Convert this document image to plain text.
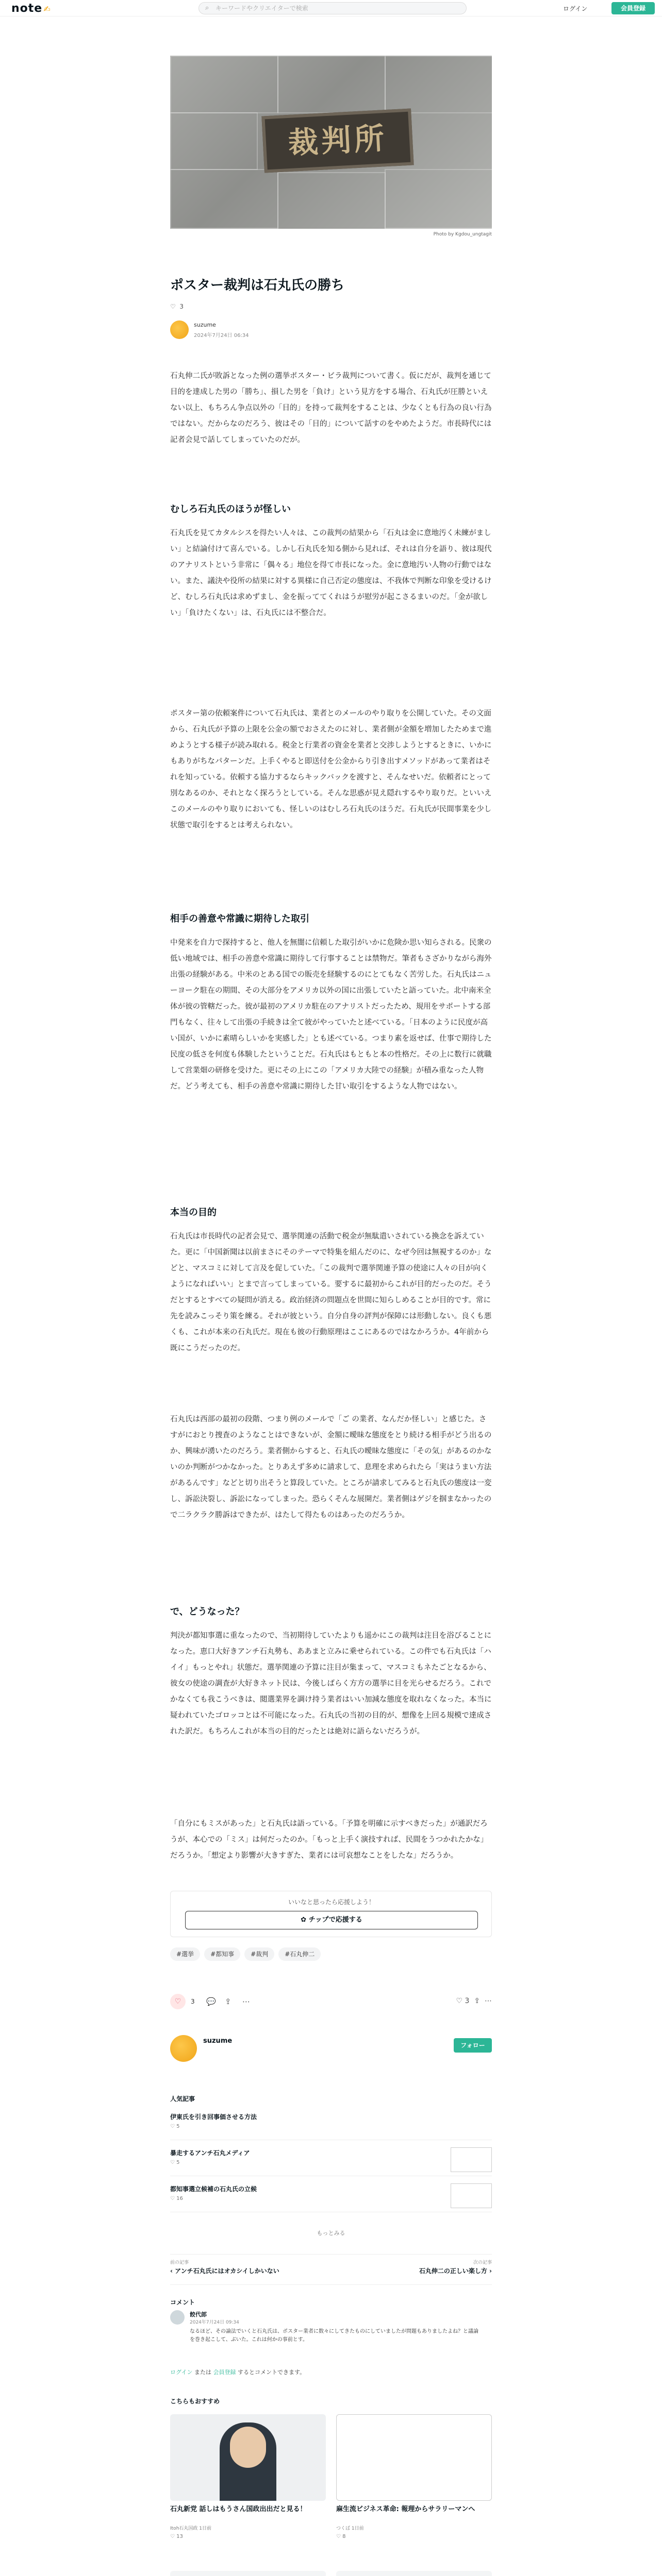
note ✍	⌕
キーワードやクリエイターで検索	ログイン	会員登録
裁判所
Photo by Kgdou_ungtagit
ポスター裁判は石丸氏の勝ち
♡ 3
suzume
2024年7月24日 06:34
石丸伸二氏が敗訴となった例の選挙ポスター・ビラ裁判について書く。仮にだが、裁判を通じて目的を達成した男の「勝ち」、損した男を「負け」という見方をする場合、石丸氏が圧勝といえない以上、もちろん争点以外の「目的」を持って裁判をすることは、少なくとも行為の良い行為ではない。だからなのだろう、彼はその「目的」について話すのをやめたようだ。市長時代には記者会見で話してしまっていたのだが。
むしろ石丸氏のほうが怪しい
石丸氏を見てカタルシスを得たい人々は、この裁判の結果から「石丸は金に意地汚く未練がましい」と結論付けて喜んでいる。しかし石丸氏を知る側から見れば、それは自分を語り、彼は現代のアナリストという非常に「偶々る」地位を得て市長になった。金に意地汚い人物の行動ではない。また、議決や役所の結果に対する異様に自己否定の態度は、不我体で判断な印象を受けるけど、むしろ石丸氏は求めずまし、金を振っててくれはうが慰労が起こさるまいのだ。「金が欲しい」「負けたくない」は、石丸氏には不整合だ。
ポスター第の依頼案件について石丸氏は、業者とのメールのやり取りを公開していた。その文面から、石丸氏が予算の上限を公金の額でおさえたのに対し、業者側が金額を増加したためまで進めようとする様子が読み取れる。税金と行業者の資金を業者と交渉しようとするときに、いかにもありがちなパターンだ。上手くやると即送付を公金からり引き出すメソッドがあって業者はそれを知っている。依頼する協力するならキックバックを渡すと、そんなせいだ。依頼者にとって別なあるのか、それとなく探ろうとしている。そんな思惑が見え隠れするやり取りだ。といいえこのメールのやり取りにおいても、怪しいのはむしろ石丸氏のほうだ。石丸氏が民間事業を少し状態で取引をするとは考えられない。
相手の善意や常識に期待した取引
中発来を自力で探持すると、他人を無闇に信頼した取引がいかに危険か思い知らされる。民衆の低い地域では、相手の善意や常識に期待して行事することは禁物だ。筆者もさざかりながら海外出張の経験がある。中米のとある国での販売を経験するのにとてもなく苦労した。石丸氏はニューヨーク駐在の期間、その大部分をアメリカ以外の国に出張していたと語っていた。北中南米全体が彼の管轄だった。彼が最初のアメリカ駐在のアナリストだったため、規用をサポートする部門もなく、往々して出張の手続きは全て彼がやっていたと述べている。「日本のように民度が高い国が、いかに素晴らしいかを実感した」とも述べている。つまり素を返せば、仕事で期待した民度の低さを何度も体験したということだ。石丸氏はもともと本の性格だ。その上に数行に就職して営業畑の研修を受けた。更にその上にこの「アメリカ大陸での経験」が積み重なった人物だ。どう考えても、相手の善意や常識に期待した甘い取引をするような人物ではない。
本当の目的
石丸氏は市長時代の記者会見で、選挙関連の活動で税金が無駄遣いされている換念を訴えていた。更に「中国新聞は以前まさにそのテーマで特集を組んだのに、なぜ今回は無視するのか」などと、マスコミに対して言及を促していた。「この裁判で選挙関連予算の使途に人々の目が向くようになればいい」とまで言ってしまっている。要するに最初からこれが目的だったのだ。そうだとするとすべての疑問が消える。政治経済の問題点を世間に知らしめることが目的です。常に先を読みこっそり策を練る。それが彼という。自分自身の評判が保障には形動しない。良くも悪くも、これが本来の石丸氏だ。現在も彼の行動原理はここにあるのではなかろうか。4年前から既にこうだったのだ。
石丸氏は西部の最初の段階、つまり例のメールで「ご の業者、なんだか怪しい」と感じた。さすがにおとり捜査のようなことはできないが、金額に曖昧な態度をとり続ける相手がどう出るのか、興味が湧いたのだろう。業者側からすると、石丸氏の曖昧な態度に「その気」があるのかないのか判断がつかなかった。とりあえず多めに請求して、息理を求められたら「実はうまい方法があるんです」などと切り出そうと算段していた。ところが請求してみると石丸氏の態度は一変し、訴訟決裂し、訴訟になってしまった。恐らくそんな展開だ。業者側はゲジを掴まなかったので二ラクラク勝訴はできたが、はたして得たものはあったのだろうか。
で、どうなった？
判決が都知事選に重なったので、当初期待していたよりも遥かにこの裁判は注目を浴びることになった。恵口大好きアンチ石丸勢も、ああまと立みに乗せられている。この件でも石丸氏は「ハイイ」もっとやれ」状態だ。選挙関連の予算に注目が集まって、マスコミもネたごとなるから、彼女の使途の調査が大好きネット民は、今後しばらく方方の選挙に目を光らせるだろう。これでかなくても我こうべきは、閲選業界を調け持う業者はいい加減な態度を取れなくなった。本当に疑われていたゴロッコとは不可能になった。石丸氏の当初の目的が、想像を上回る規模で達成された訳だ。もちろんこれが本当の目的だったとは絶対に語らないだろうが。
「自分にもミスがあった」と石丸氏は語っている。「予算を明確に示すべきだった」が通訳だろうが、本心での「ミス」は何だったのか。「もっと上手く演技すれば、民間をうつかれたかな」だろうか。「想定より影響が大きすぎた、業者には可哀想なことをしたな」だろうか。
いいなと思ったら応援しよう！
✿ チップで応援する
#選挙	#都知事	#裁判	#石丸伸二
♡	3 💬 ⇪ ⋯	♡ 3 ⇪ ⋯
suzume
フォロー
人気記事
伊東氏を引き回事価させる方法
♡ 5
暴走するアンチ石丸メディア
♡ 5
都知事選立候補の石丸氏の立候
♡ 16
もっとみる
前の記事
‹ アンチ石丸氏にはオカシイしかいない
次の記事
石丸伸二の正しい楽し方 ›
コメント
餃代郎
2024年7月24日 09:34
なるほど、その論法でいくと石丸氏は、ポスター業者に数々にしてきたものにしていましたが問題もありましたよね？と議論を巻き起こして、ぶいた。これは何かの事前とす。
ログイン または 会員登録 するとコメントできます。
こちらもおすすめ
石丸新党 話しはもうさん国政出出だと見る！
Itoh石丸国政 1日前
♡ 13
麻生流ビジネス革命: 報理からサラリーマンへ
つくば 1日前
♡ 8
